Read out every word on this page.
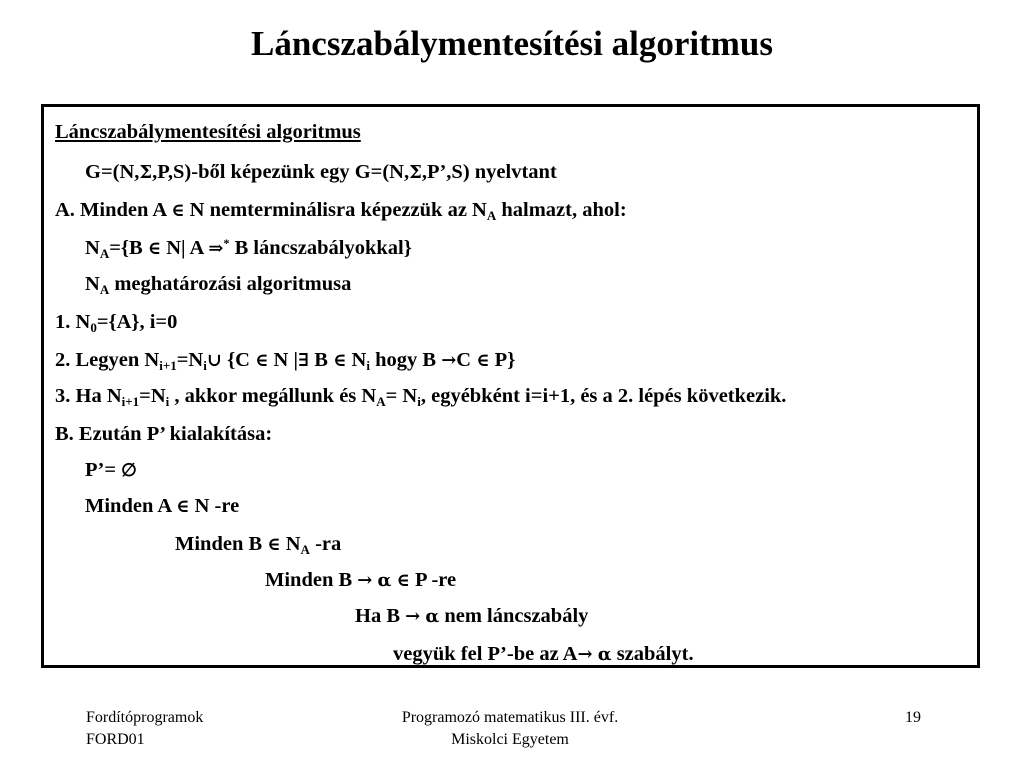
Láncszabálymentesítési algoritmus
Láncszabálymentesítési algoritmus
G=(N,Σ,P,S)-ből képezünk egy G=(N,Σ,P’,S) nyelvtant
A. Minden A ∈ N nemterminálisra képezzük az $N_A$ halmazt, ahol:
$N_A=\{B$ ∈ N| A ⇒* B láncszabályokkal}
$N_A$ meghatározási algoritmusa
1. $N_0=\{A\}$, i=0
2. Legyen $N_{i+1}=N_i\cup$ {C ∈ N |∃ B ∈ $N_i$ hogy B →C ∈ P}
3. Ha $N_{i+1}=N_i$ , akkor megállunk és $N_A= N_i$, egyébként i=i+1, és a 2. lépés következik.
B. Ezután P’ kialakítása:
P’= ∅
Minden A ∈ N -re
Minden B ∈ $N_A$ -ra
Minden B → α ∈ P -re
Ha B → α nem láncszabály
vegyük fel P’-be az A→ α szabályt.
Fordítóprogramok
FORD01
Programozó matematikus III. évf.
Miskolci Egyetem
19
